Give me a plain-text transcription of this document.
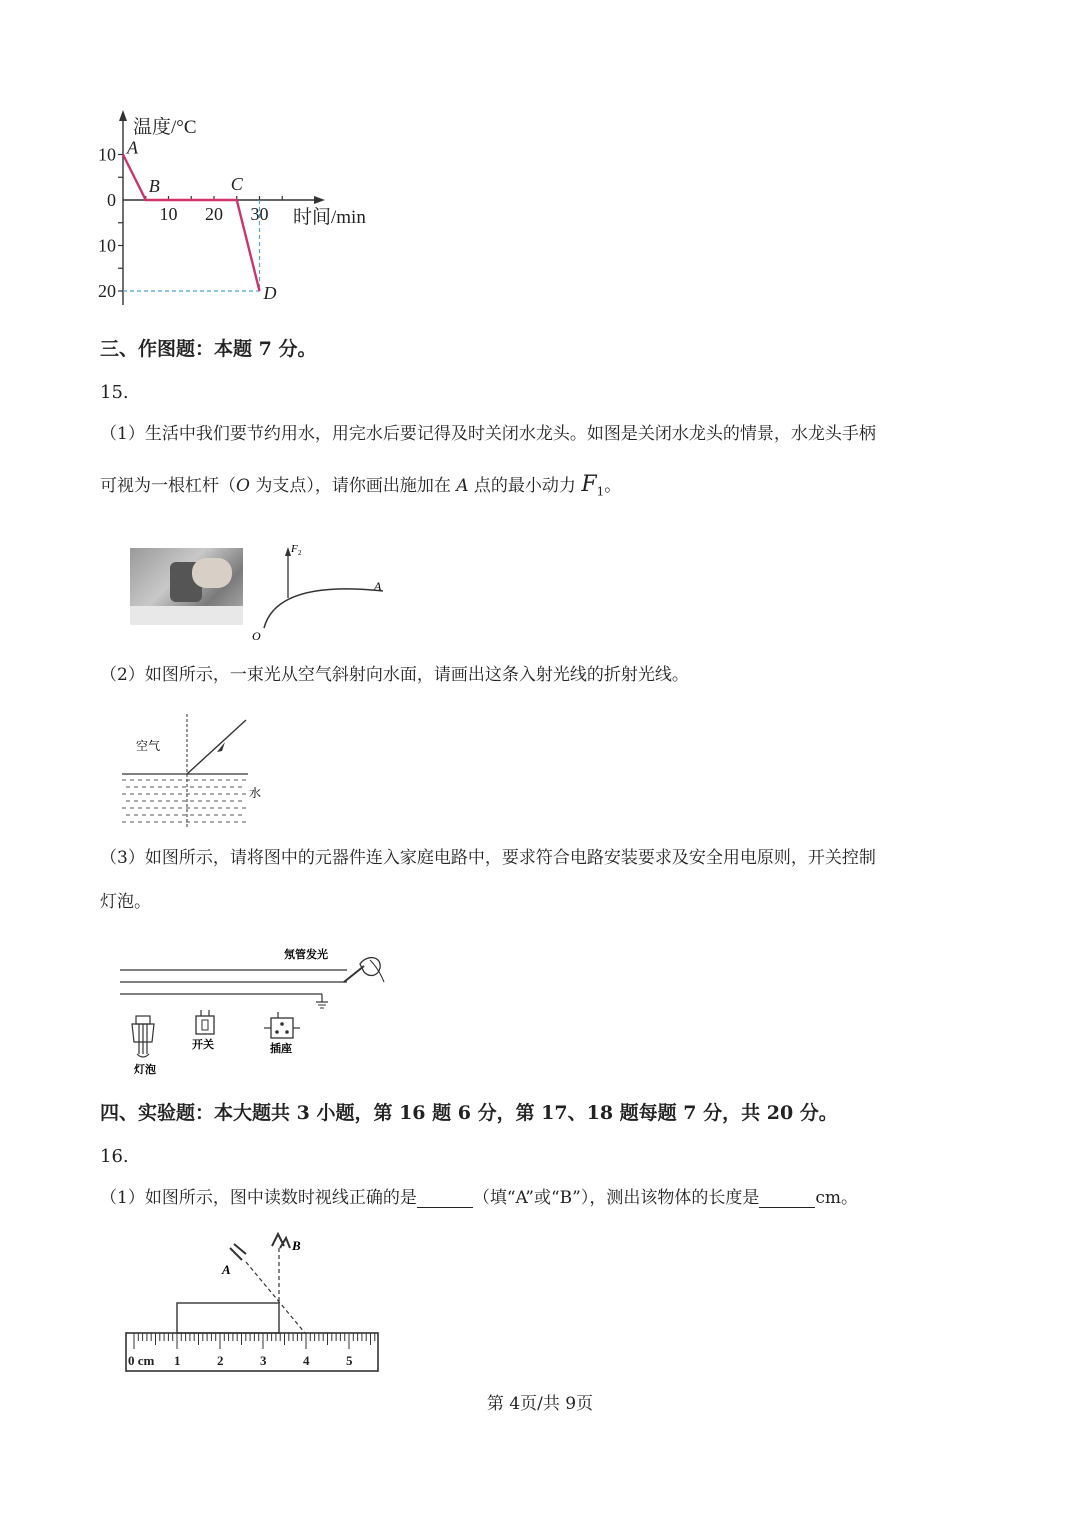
10
0
10
20
10 20 30
A
B	C
D
温度/°C
时间/min
三、作图题：本题 7 分。
15.
（1）生活中我们要节约用水，用完水后要记得及时关闭水龙头。如图是关闭水龙头的情景，水龙头手柄
可视为一根杠杆（O 为支点），请你画出施加在 A 点的最小动力 $F_1$。
F 2
A
O
（2）如图所示，一束光从空气斜射向水面，请画出这条入射光线的折射光线。
空气
水
（3）如图所示，请将图中的元器件连入家庭电路中，要求符合电路安装要求及安全用电原则，开关控制
灯泡。
氖管发光
灯泡
开关	插座
四、实验题：本大题共 3 小题，第 16 题 6 分，第 17、18 题每题 7 分，共 20 分。
16.
（1）如图所示，图中读数时视线正确的是	（填“A”或“B”），测出该物体的长度是	cm。
A
B
0 cm 1	2	3	4	5
第 4页/共 9页
